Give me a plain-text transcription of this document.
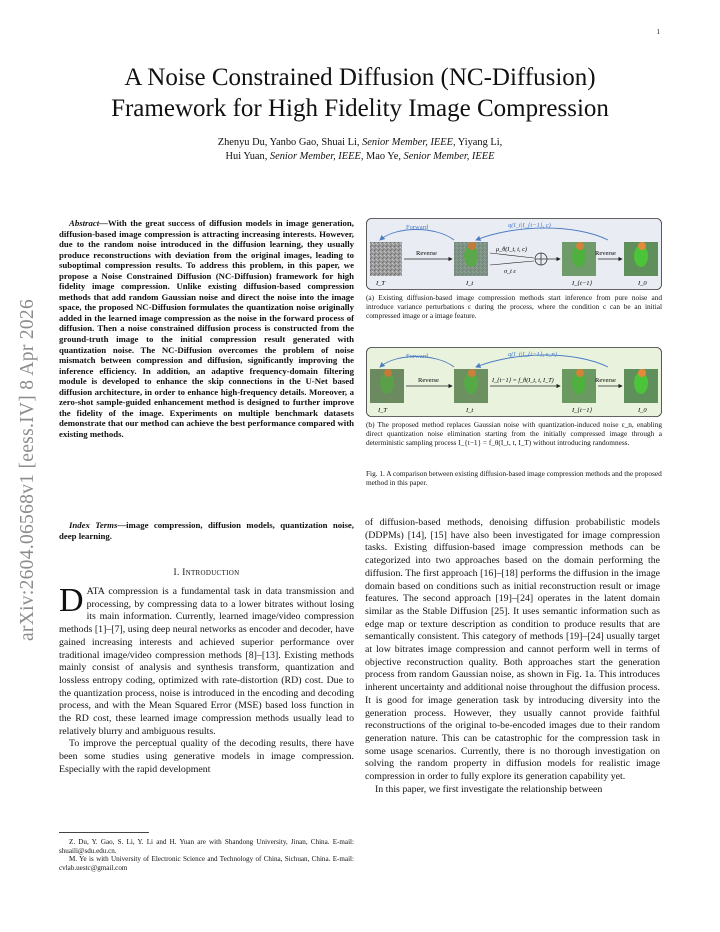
1
arXiv:2604.06568v1 [eess.IV] 8 Apr 2026
A Noise Constrained Diffusion (NC-Diffusion)
Framework for High Fidelity Image Compression
Zhenyu Du, Yanbo Gao, Shuai Li, Senior Member, IEEE, Yiyang Li,
Hui Yuan, Senior Member, IEEE, Mao Ye, Senior Member, IEEE
Abstract—With the great success of diffusion models in image generation, diffusion-based image compression is attracting increasing interests. However, due to the random noise introduced in the diffusion learning, they usually produce reconstructions with deviation from the original images, leading to suboptimal compression results. To address this problem, in this paper, we propose a Noise Constrained Diffusion (NC-Diffusion) framework for high fidelity image compression. Unlike existing diffusion-based compression methods that add random Gaussian noise and direct the noise into the image space, the proposed NC-Diffusion formulates the quantization noise originally added in the learned image compression as the noise in the forward process of diffusion. Then a noise constrained diffusion process is constructed from the ground-truth image to the initial compression result generated with quantization noise. The NC-Diffusion overcomes the problem of noise mismatch between compression and diffusion, significantly improving the inference efficiency. In addition, an adaptive frequency-domain filtering module is developed to enhance the skip connections in the U-Net based diffusion architecture, in order to enhance high-frequency details. Moreover, a zero-shot sample-guided enhancement method is designed to further improve the fidelity of the image. Experiments on multiple benchmark datasets demonstrate that our method can achieve the best performance compared with existing methods.
Index Terms—image compression, diffusion models, quantization noise, deep learning.
I. Introduction

DATA compression is a fundamental task in data transmission and processing, by compressing data to a lower bitrates without losing its main information. Currently, learned image/video compression methods [1]–[7], using deep neural networks as encoder and decoder, have gained increasing interests and achieved superior performance over traditional image/video compression methods [8]–[13]. Existing methods mainly consist of analysis and synthesis transform, quantization and lossless entropy coding, optimized with rate-distortion (RD) cost. Due to the quantization process, noise is introduced in the encoding and decoding process, and with the Mean Squared Error (MSE) based loss function in the RD cost, these learned image compression methods usually lead to relatively blurry and ambiguous results.

To improve the perceptual quality of the decoding results, there have been some studies using generative models in image compression. Especially with the rapid development

Z. Du, Y. Gao, S. Li, Y. Li and H. Yuan are with Shandong University, Jinan, China. E-mail: shuaili@sdu.edu.cn.

M. Ye is with University of Electronic Science and Technology of China, Sichuan, China. E-mail: cvlab.uestc@gmail.com

Forward	q(I_t|I_{t−1}, c)
Reverse	Reverse
μ_θ(I_t, t, c)
σ_t ε
I_T	I_t	I_{t−1}	I_0
(a) Existing diffusion-based image compression methods start inference from pure noise and introduce variance perturbations ε during the process, where the condition c can be an initial compressed image or a image feature.
Forward	q(I_t|I_{t−1}, ε_n)
Reverse	I_{t−1} = f_θ(I_t, t, I_T)	Reverse
I_T	I_t	I_{t−1}	I_0
(b) The proposed method replaces Gaussian noise with quantization-induced noise ε_n, enabling direct quantization noise elimination starting from the initially compressed image through a deterministic sampling process I_{t−1} = f_θ(I_t, t, I_T) without introducing randomness.
Fig. 1. A comparison between existing diffusion-based image compression methods and the proposed method in this paper.

of diffusion-based methods, denoising diffusion probabilistic models (DDPMs) [14], [15] have also been investigated for image compression tasks. Existing diffusion-based image compression methods can be categorized into two approaches based on the domain performing the diffusion. The first approach [16]–[18] performs the diffusion in the image domain based on conditions such as initial reconstruction result or image features. The second approach [19]–[24] operates in the latent domain similar as the Stable Diffusion [25]. It uses semantic information such as edge map or texture description as condition to produce results that are semantically consistent. This category of methods [19]–[24] usually target at low bitrates image compression and cannot perform well in terms of objective reconstruction quality. Both approaches start the generation process from random Gaussian noise, as shown in Fig. 1a. This introduces inherent uncertainty and additional noise throughout the diffusion process. It is good for image generation task by introducing diversity into the generation process. However, they usually cannot provide faithful reconstructions of the original to-be-encoded images due to their random generation nature. This can be catastrophic for the compression task in some usage scenarios. Currently, there is no thorough investigation on solving the random property in diffusion models for realistic image compression in order to fully explore its generation capability yet.

In this paper, we first investigate the relationship between
